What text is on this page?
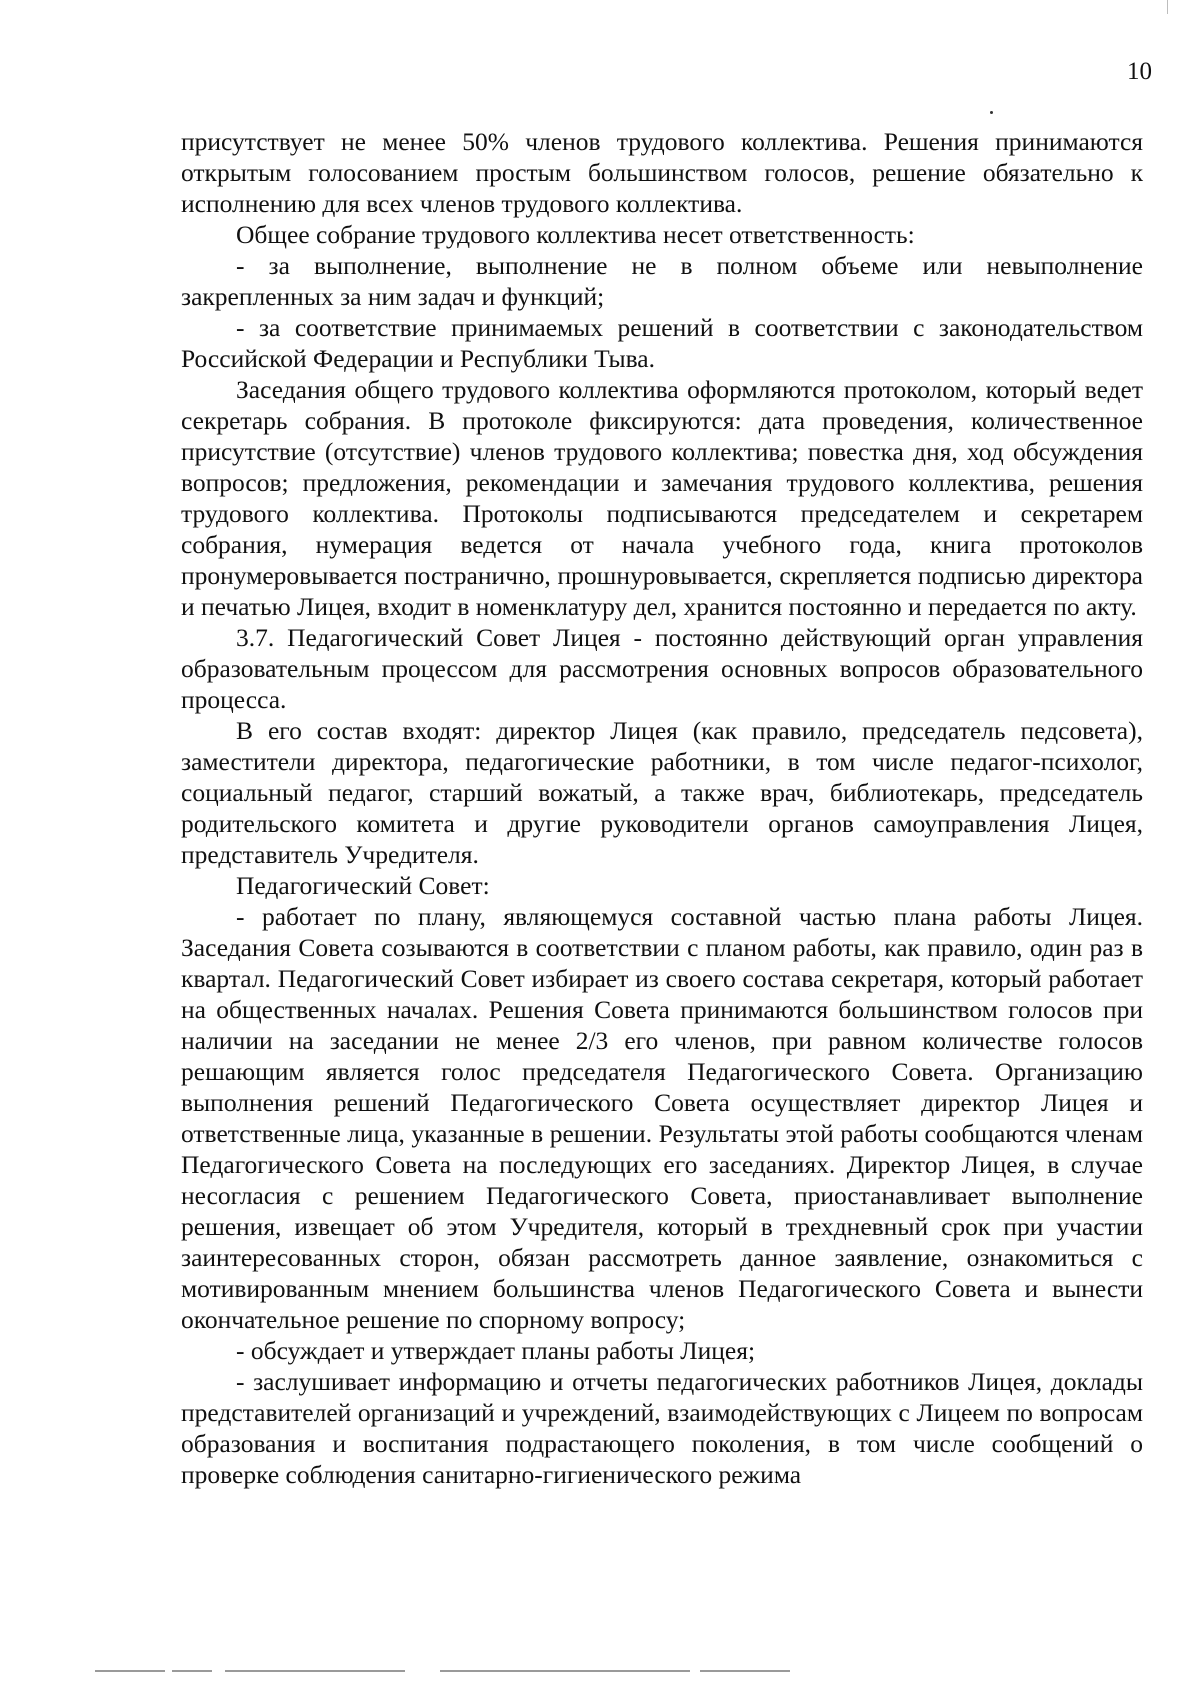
10

присутствует не менее 50% членов трудового коллектива. Решения принимаются открытым голосованием простым большинством голосов, решение обязательно к исполнению для всех членов трудового коллектива.

Общее собрание трудового коллектива несет ответственность:

- за выполнение, выполнение не в полном объеме или невыполнение закрепленных за ним задач и функций;

- за соответствие принимаемых решений в соответствии с законодательством Российской Федерации и Республики Тыва.

Заседания общего трудового коллектива оформляются протоколом, который ведет секретарь собрания. В протоколе фиксируются: дата проведения, количественное присутствие (отсутствие) членов трудового коллектива; повестка дня, ход обсуждения вопросов; предложения, рекомендации и замечания трудового коллектива, решения трудового коллектива. Протоколы подписываются председателем и секретарем собрания, нумерация ведется от начала учебного года, книга протоколов пронумеровывается постранично, прошнуровывается, скрепляется подписью директора и печатью Лицея, входит в номенклатуру дел, хранится постоянно и передается по акту.

3.7. Педагогический Совет Лицея - постоянно действующий орган управления образовательным процессом для рассмотрения основных вопросов образовательного процесса.

В его состав входят: директор Лицея (как правило, председатель педсовета), заместители директора, педагогические работники, в том числе педагог-психолог, социальный педагог, старший вожатый, а также врач, библиотекарь, председатель родительского комитета и другие руководители органов самоуправления Лицея, представитель Учредителя.

Педагогический Совет:

- работает по плану, являющемуся составной частью плана работы Лицея. Заседания Совета созываются в соответствии с планом работы, как правило, один раз в квартал. Педагогический Совет избирает из своего состава секретаря, который работает на общественных началах. Решения Совета принимаются большинством голосов при наличии на заседании не менее 2/3 его членов, при равном количестве голосов решающим является голос председателя Педагогического Совета. Организацию выполнения решений Педагогического Совета осуществляет директор Лицея и ответственные лица, указанные в решении. Результаты этой работы сообщаются членам Педагогического Совета на последующих его заседаниях. Директор Лицея, в случае несогласия с решением Педагогического Совета, приостанавливает выполнение решения, извещает об этом Учредителя, который в трехдневный срок при участии заинтересованных сторон, обязан рассмотреть данное заявление, ознакомиться с мотивированным мнением большинства членов Педагогического Совета и вынести окончательное решение по спорному вопросу;

- обсуждает и утверждает планы работы Лицея;

- заслушивает информацию и отчеты педагогических работников Лицея, доклады представителей организаций и учреждений, взаимодействующих с Лицеем по вопросам образования и воспитания подрастающего поколения, в том числе сообщений о проверке соблюдения санитарно-гигиенического режима
